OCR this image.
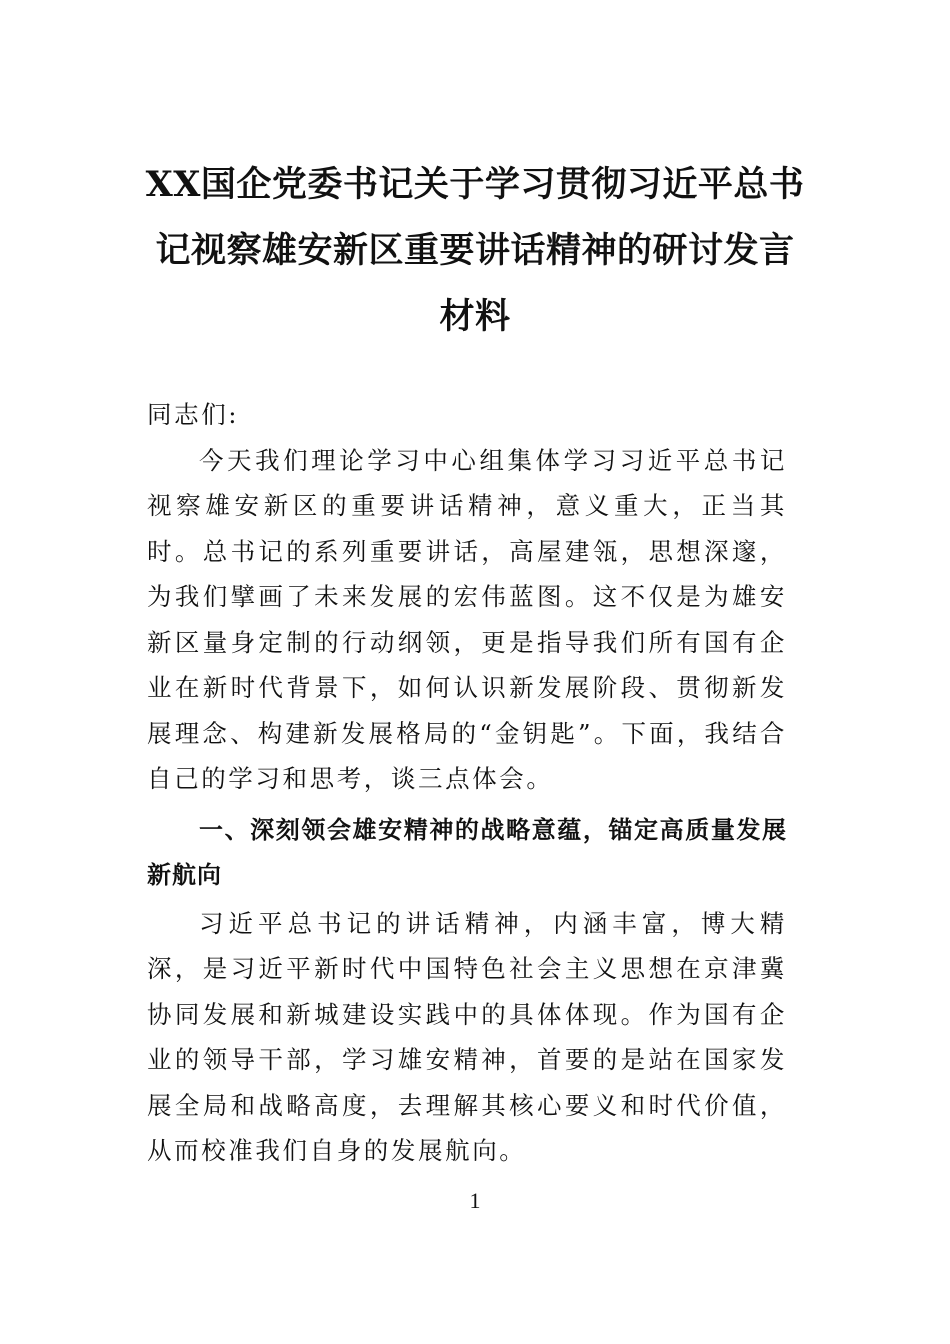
XX国企党委书记关于学习贯彻习近平总书
记视察雄安新区重要讲话精神的研讨发言
材料

同志们:

今天我们理论学习中心组集体学习习近平总书记视察雄安新区的重要讲话精神，意义重大，正当其时。总书记的系列重要讲话，高屋建瓴，思想深邃，为我们擘画了未来发展的宏伟蓝图。这不仅是为雄安新区量身定制的行动纲领，更是指导我们所有国有企业在新时代背景下，如何认识新发展阶段、贯彻新发展理念、构建新发展格局的“金钥匙”。下面，我结合自己的学习和思考，谈三点体会。

一、深刻领会雄安精神的战略意蕴，锚定高质量发展新航向

习近平总书记的讲话精神，内涵丰富，博大精深，是习近平新时代中国特色社会主义思想在京津冀协同发展和新城建设实践中的具体体现。作为国有企业的领导干部，学习雄安精神，首要的是站在国家发展全局和战略高度，去理解其核心要义和时代价值，从而校准我们自身的发展航向。

1
